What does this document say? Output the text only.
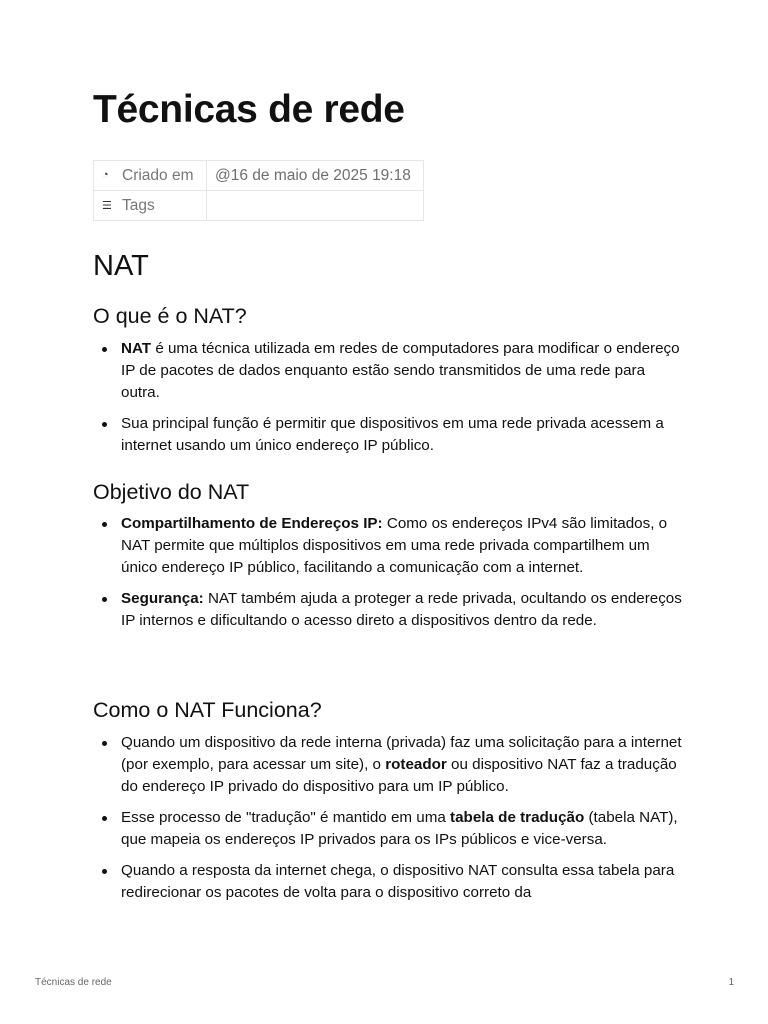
Técnicas de rede
◔ Criado em	@16 de maio de 2025 19:18
☰ Tags	
NAT
O que é o NAT?
NAT é uma técnica utilizada em redes de computadores para modificar o endereço IP de pacotes de dados enquanto estão sendo transmitidos de uma rede para outra.
Sua principal função é permitir que dispositivos em uma rede privada acessem a internet usando um único endereço IP público.
Objetivo do NAT
Compartilhamento de Endereços IP: Como os endereços IPv4 são limitados, o NAT permite que múltiplos dispositivos em uma rede privada compartilhem um único endereço IP público, facilitando a comunicação com a internet.
Segurança: NAT também ajuda a proteger a rede privada, ocultando os endereços IP internos e dificultando o acesso direto a dispositivos dentro da rede.
Como o NAT Funciona?
Quando um dispositivo da rede interna (privada) faz uma solicitação para a internet (por exemplo, para acessar um site), o roteador ou dispositivo NAT faz a tradução do endereço IP privado do dispositivo para um IP público.
Esse processo de "tradução" é mantido em uma tabela de tradução (tabela NAT), que mapeia os endereços IP privados para os IPs públicos e vice-versa.
Quando a resposta da internet chega, o dispositivo NAT consulta essa tabela para redirecionar os pacotes de volta para o dispositivo correto da
Técnicas de rede	1
